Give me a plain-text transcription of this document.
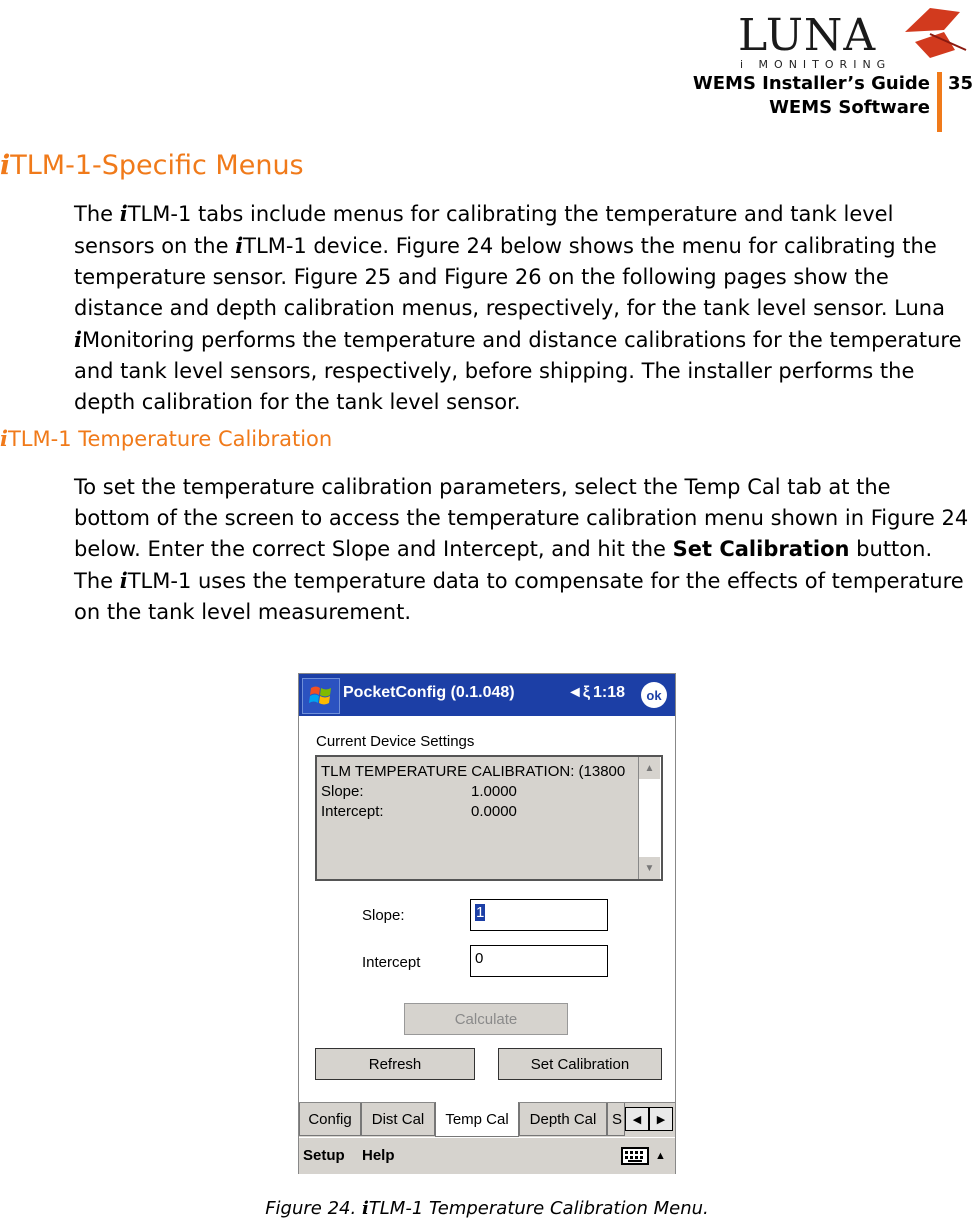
LUNA
i MONITORING
WEMS Installer’s Guide
WEMS Software
35
iTLM-1-Specific Menus
The iTLM-1 tabs include menus for calibrating the temperature and tank level sensors on the iTLM-1 device. Figure 24 below shows the menu for calibrating the temperature sensor. Figure 25 and Figure 26 on the following pages show the distance and depth calibration menus, respectively, for the tank level sensor. Luna iMonitoring performs the temperature and distance calibrations for the temperature and tank level sensors, respectively, before shipping. The installer performs the depth calibration for the tank level sensor.
iTLM-1 Temperature Calibration
To set the temperature calibration parameters, select the Temp Cal tab at the bottom of the screen to access the temperature calibration menu shown in Figure 24 below. Enter the correct Slope and Intercept, and hit the Set Calibration button. The iTLM-1 uses the temperature data to compensate for the effects of temperature on the tank level measurement.
PocketConfig (0.1.048)	◄ξ 1:18	ok
Current Device Settings
TLM TEMPERATURE CALIBRATION: (13800
Slope:	1.0000
Intercept:	0.0000
▲
▼
Slope:	1
Intercept	0
Calculate
Refresh	Set Calibration
Config	Dist Cal	Temp Cal	Depth Cal	S ◀	▶
Setup Help	▲
Figure 24. iTLM-1 Temperature Calibration Menu.
